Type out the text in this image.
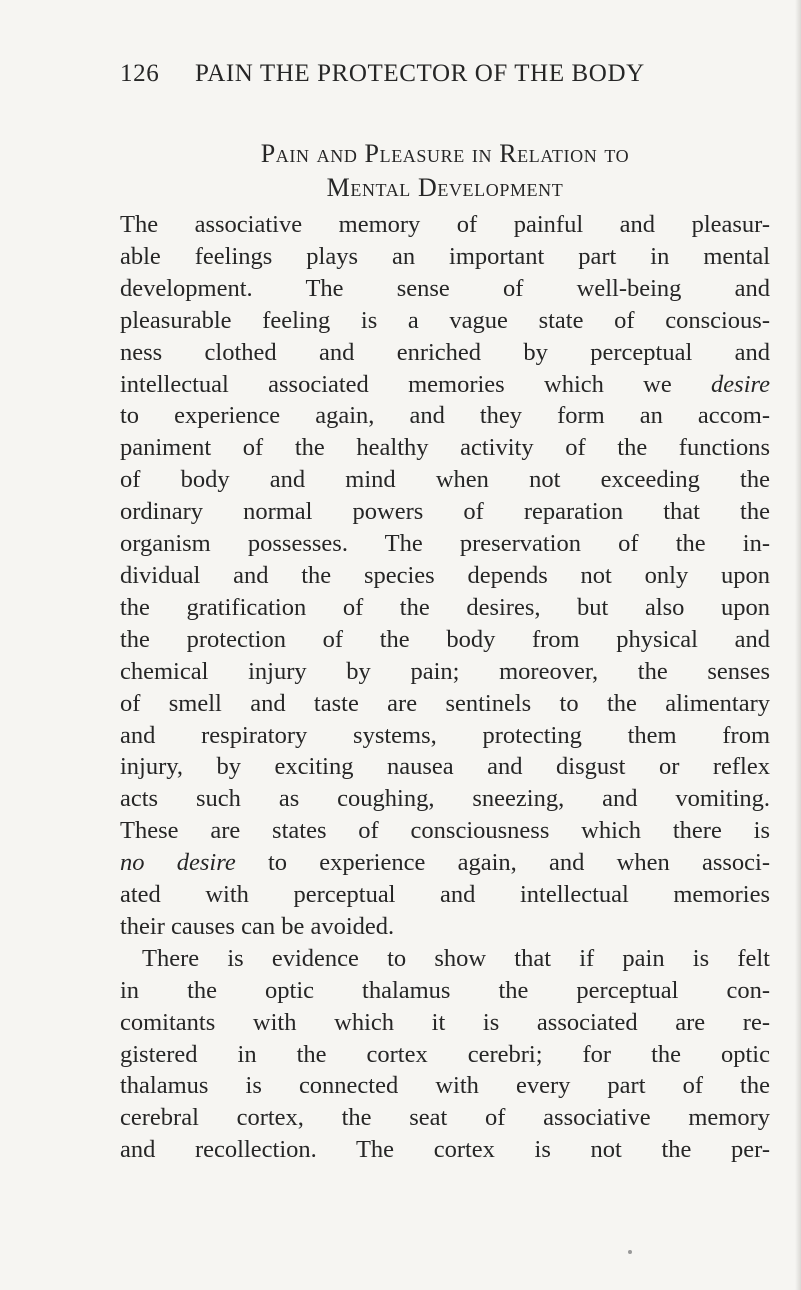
126 PAIN THE PROTECTOR OF THE BODY
Pain and Pleasure in Relation to
Mental Development

The associative memory of painful and pleasur-

able feelings plays an important part in mental

development. The sense of well-being and

pleasurable feeling is a vague state of conscious-

ness clothed and enriched by perceptual and

intellectual associated memories which we desire

to experience again, and they form an accom-

paniment of the healthy activity of the functions

of body and mind when not exceeding the

ordinary normal powers of reparation that the

organism possesses. The preservation of the in-

dividual and the species depends not only upon

the gratification of the desires, but also upon

the protection of the body from physical and

chemical injury by pain; moreover, the senses

of smell and taste are sentinels to the alimentary

and respiratory systems, protecting them from

injury, by exciting nausea and disgust or reflex

acts such as coughing, sneezing, and vomiting.

These are states of consciousness which there is

no desire to experience again, and when associ-

ated with perceptual and intellectual memories

their causes can be avoided.

There is evidence to show that if pain is felt

in the optic thalamus the perceptual con-

comitants with which it is associated are re-

gistered in the cortex cerebri; for the optic

thalamus is connected with every part of the

cerebral cortex, the seat of associative memory

and recollection. The cortex is not the per-
